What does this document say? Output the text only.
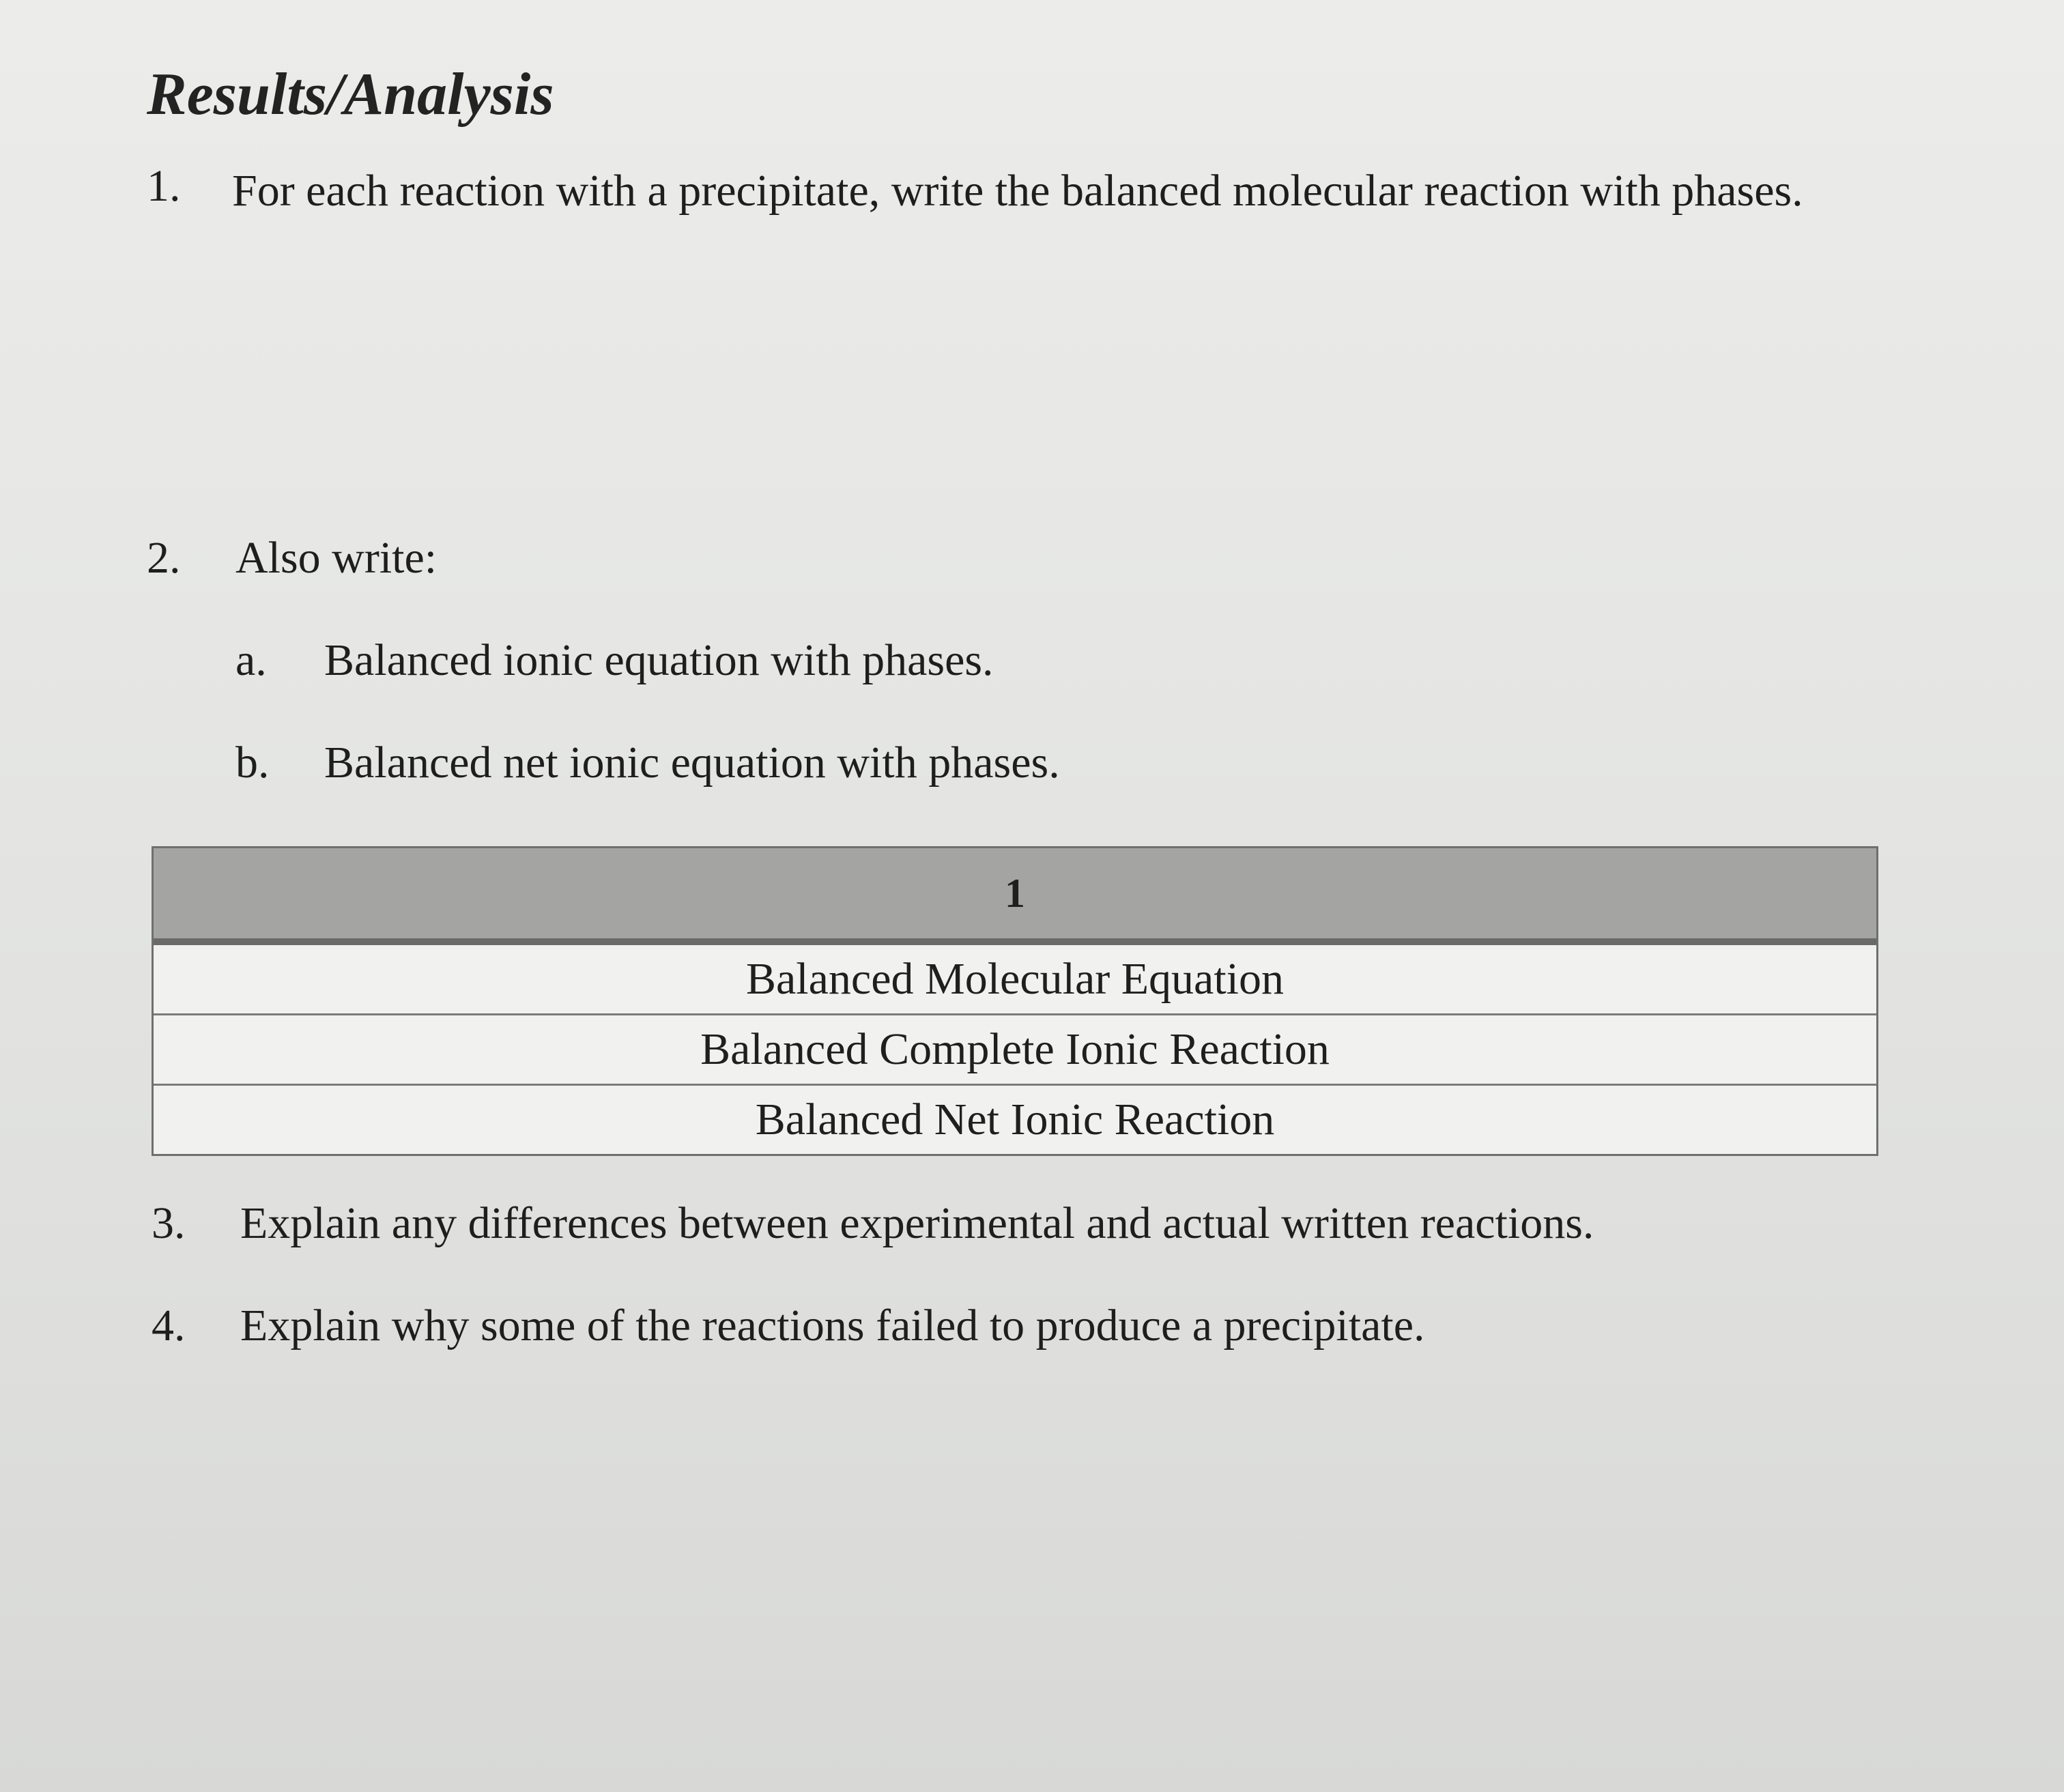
Results/Analysis
1. For each reaction with a precipitate, write the balanced molecular reaction with phases.
2. Also write:
a. Balanced ionic equation with phases.
b. Balanced net ionic equation with phases.
1
Balanced Molecular Equation
Balanced Complete Ionic Reaction
Balanced Net Ionic Reaction
3. Explain any differences between experimental and actual written reactions.
4. Explain why some of the reactions failed to produce a precipitate.
